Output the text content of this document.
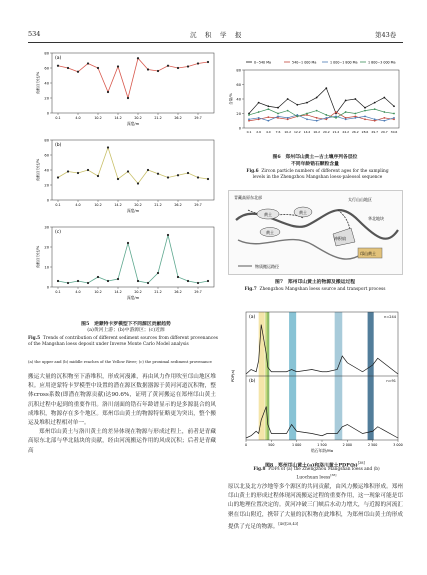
534	沉　积　学　报	第43卷
(a)
0
20
40
60
80
贡献百分比/%
0.1	4.0	10.2	14.2	20.2	21.2	26.2	29.7
深度/m
(b)
0
20
40
60
80
贡献百分比/%
0.1	4.0	10.2	14.2	20.2	21.2	26.2	29.7
深度/m
(c)
0
10
20
30
贡献百分比/%
0.1	4.0	10.2	14.2	20.2	21.2	26.2	29.7
深度/m
图5　逆蒙特卡罗模型下不同源区贡献趋势
(a)黄河上游；(b)中游源区；(c)近源
Fig.5 Trends of contribution of different sediment sources from different provenances of the Mangshan loess deposit under Inverse Monte Carlo Model analysis
(a) the upper and (b) middle reaches of the Yellow River; (c) the proximal sediment provenance
0
20
40
60
80
含量/%
0.1 2.6 4.0 7.6 10.2 12.2 14.2 16.2 20.2 21.2 24.2 26.2 28.6 29.7 29.7 30.6
0~540 Ma	540~1 000 Ma	1 000~1 800 Ma	1 800~3 000 Ma
图6　郑州邙山黄土—古土壤序列各层位
不同年龄锆石颗粒含量
Fig.6 Zircon particle numbers of different ages for the sampling levels in the Zhengzhou Mangshan loess-paleosol sequence
青藏高原东北部	太行山山地区
华北地块
黄土	黄土
黄土
冲积扇
邙山黄土
物质搬运路径
图7　郑州邙山黄土的物源及搬运过程
Fig.7 Zhengzhou Mangshan loess source and transport process
(a)
(b)
n=244
n=91
PDP(a)
0	500	1 000	1 500	2 000	2 500	3 000
锆石年龄/Ma
图8　郑州邙山黄土(a)和洛川黄土PDP(b)[38]
Fig.8 PDPs of (a) the Zhengzhou Mangshan loess and (b) Luochuan loess[38]

搬运大量的沉积物至下游堆积，形成河漫滩，再由风力作用吹至邙山地区堆积。应用逆蒙特卡罗模型中设置的潜在源区数据器源于黄河河道沉积物，整体cross系数(即潜在物源贡献)达90.6%，证明了黄河搬运在郑州邙山黄土沉积过程中起到的重要作用。洛川剖面的锆石年龄谱显示的是多源混合的风成堆积，物源存在多个地区。郑州邙山黄土的物源特征略更为突出，整个搬运及堆积过程相对单一。

郑州邙山黄土与洛川黄土的差异体现在物源与形成过程上，前者是青藏高原东北部与华北陆块的贡献，经由河流搬运作用的风成沉积；后者是青藏高

原以北及北方沙地等多个源区的共同贡献，由风力搬运堆积形成。郑州邙山黄土的形成过程体现河流搬运过程的重要作用，这一现象可能是邙山的地理位置决定的。黄河冲破三门峡后水动力增大，与近源的河流汇聚在邙山附近，携带了大量的沉积物在此堆积，为郑州邙山黄土的形成提供了充足的物源。[40][28,43]
